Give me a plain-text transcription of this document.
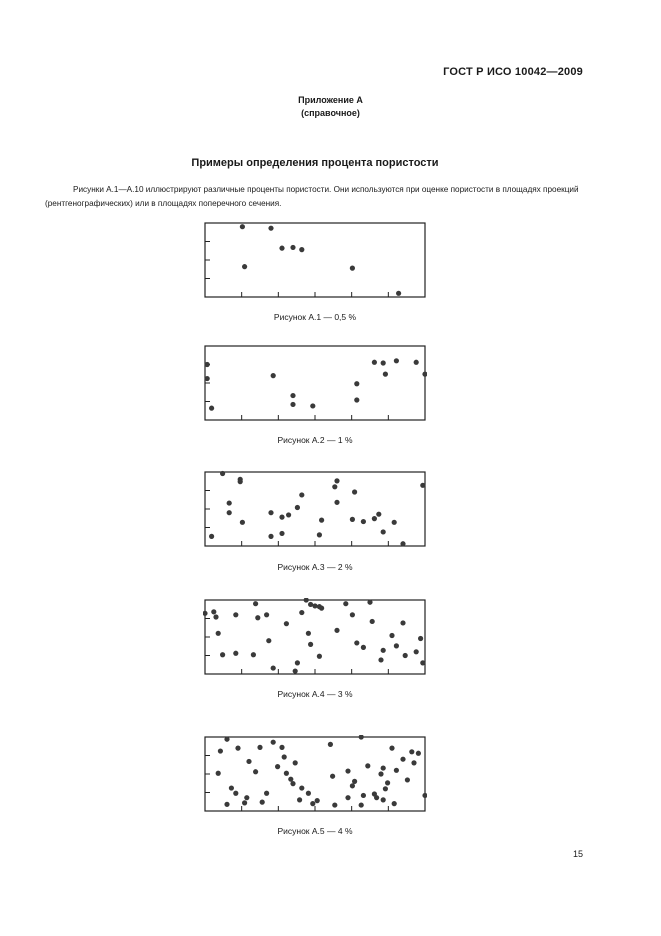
ГОСТ Р ИСО 10042—2009
Приложение А
(справочное)
Примеры определения процента пористости

Рисунки А.1—А.10 иллюстрируют различные проценты пористости. Они используются при оценке пористости в площадях проекций (рентгенографических) или в площадях поперечного сечения.

Рисунок А.1 — 0,5 %
Рисунок А.2 — 1 %
Рисунок А.3 — 2 %
Рисунок А.4 — 3 %
Рисунок А.5 — 4 %
15
